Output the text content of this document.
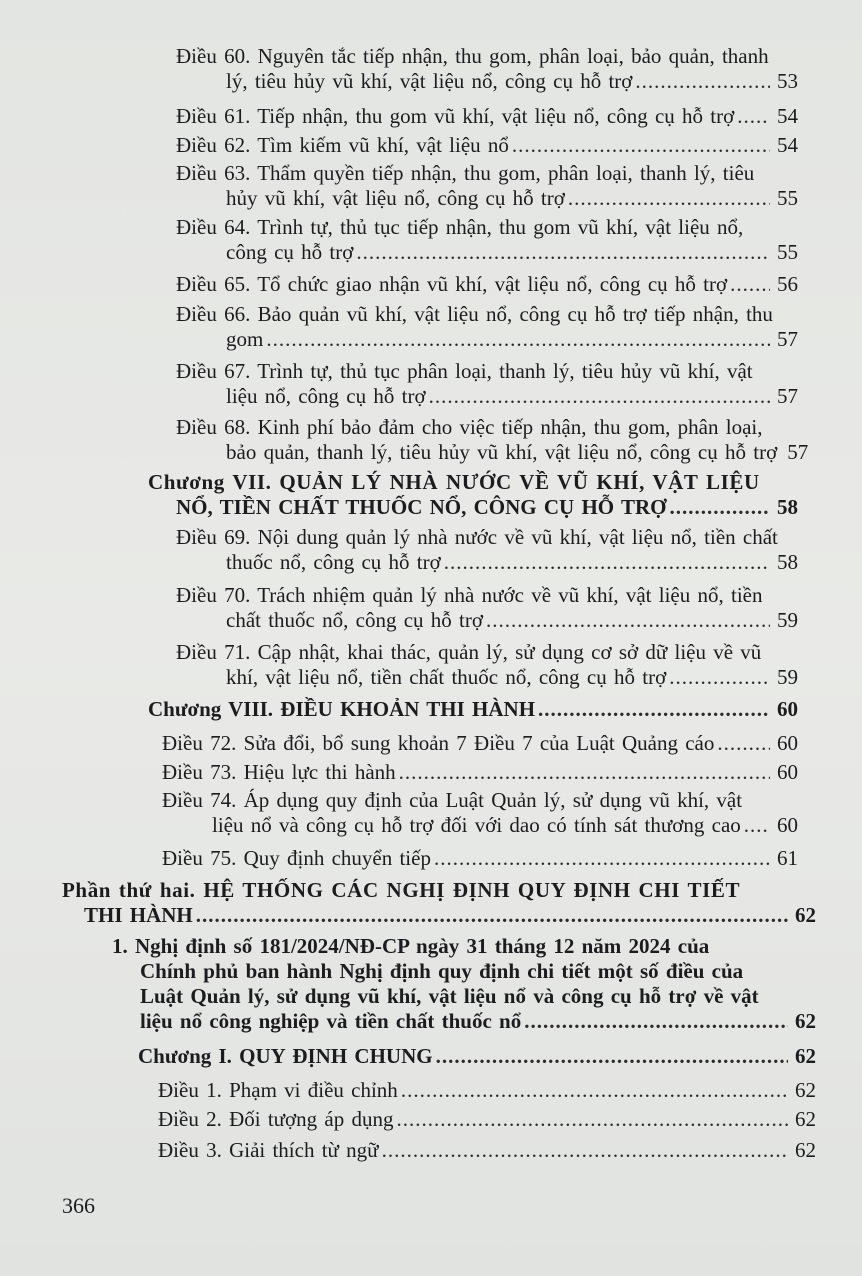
Điều 60. Nguyên tắc tiếp nhận, thu gom, phân loại, bảo quản, thanh
lý, tiêu hủy vũ khí, vật liệu nổ, công cụ hỗ trợ .....	53
Điều 61. Tiếp nhận, thu gom vũ khí, vật liệu nổ, công cụ hỗ trợ ..... 54
Điều 62. Tìm kiếm vũ khí, vật liệu nổ .....	54
Điều 63. Thẩm quyền tiếp nhận, thu gom, phân loại, thanh lý, tiêu
hủy vũ khí, vật liệu nổ, công cụ hỗ trợ .....	55
Điều 64. Trình tự, thủ tục tiếp nhận, thu gom vũ khí, vật liệu nổ,
công cụ hỗ trợ .....	55
Điều 65. Tổ chức giao nhận vũ khí, vật liệu nổ, công cụ hỗ trợ ..... 56
Điều 66. Bảo quản vũ khí, vật liệu nổ, công cụ hỗ trợ tiếp nhận, thu
gom .....	57
Điều 67. Trình tự, thủ tục phân loại, thanh lý, tiêu hủy vũ khí, vật
liệu nổ, công cụ hỗ trợ .....	57
Điều 68. Kinh phí bảo đảm cho việc tiếp nhận, thu gom, phân loại,
bảo quản, thanh lý, tiêu hủy vũ khí, vật liệu nổ, công cụ hỗ trợ 57
Chương VII. QUẢN LÝ NHÀ NƯỚC VỀ VŨ KHÍ, VẬT LIỆU
NỔ, TIỀN CHẤT THUỐC NỔ, CÔNG CỤ HỖ TRỢ .....	58
Điều 69. Nội dung quản lý nhà nước về vũ khí, vật liệu nổ, tiền chất
thuốc nổ, công cụ hỗ trợ .....	58
Điều 70. Trách nhiệm quản lý nhà nước về vũ khí, vật liệu nổ, tiền
chất thuốc nổ, công cụ hỗ trợ .....	59
Điều 71. Cập nhật, khai thác, quản lý, sử dụng cơ sở dữ liệu về vũ
khí, vật liệu nổ, tiền chất thuốc nổ, công cụ hỗ trợ .....	59
Chương VIII. ĐIỀU KHOẢN THI HÀNH .....	60
Điều 72. Sửa đổi, bổ sung khoản 7 Điều 7 của Luật Quảng cáo .....	60
Điều 73. Hiệu lực thi hành .....	60
Điều 74. Áp dụng quy định của Luật Quản lý, sử dụng vũ khí, vật
liệu nổ và công cụ hỗ trợ đối với dao có tính sát thương cao ..... 60
Điều 75. Quy định chuyển tiếp .....	61
Phần thứ hai. HỆ THỐNG CÁC NGHỊ ĐỊNH QUY ĐỊNH CHI TIẾT
THI HÀNH .....	62
1. Nghị định số 181/2024/NĐ-CP ngày 31 tháng 12 năm 2024 của
Chính phủ ban hành Nghị định quy định chi tiết một số điều của
Luật Quản lý, sử dụng vũ khí, vật liệu nổ và công cụ hỗ trợ về vật
liệu nổ công nghiệp và tiền chất thuốc nổ .....	62
Chương I. QUY ĐỊNH CHUNG .....	62
Điều 1. Phạm vi điều chỉnh .....	62
Điều 2. Đối tượng áp dụng .....	62
Điều 3. Giải thích từ ngữ .....	62
366
